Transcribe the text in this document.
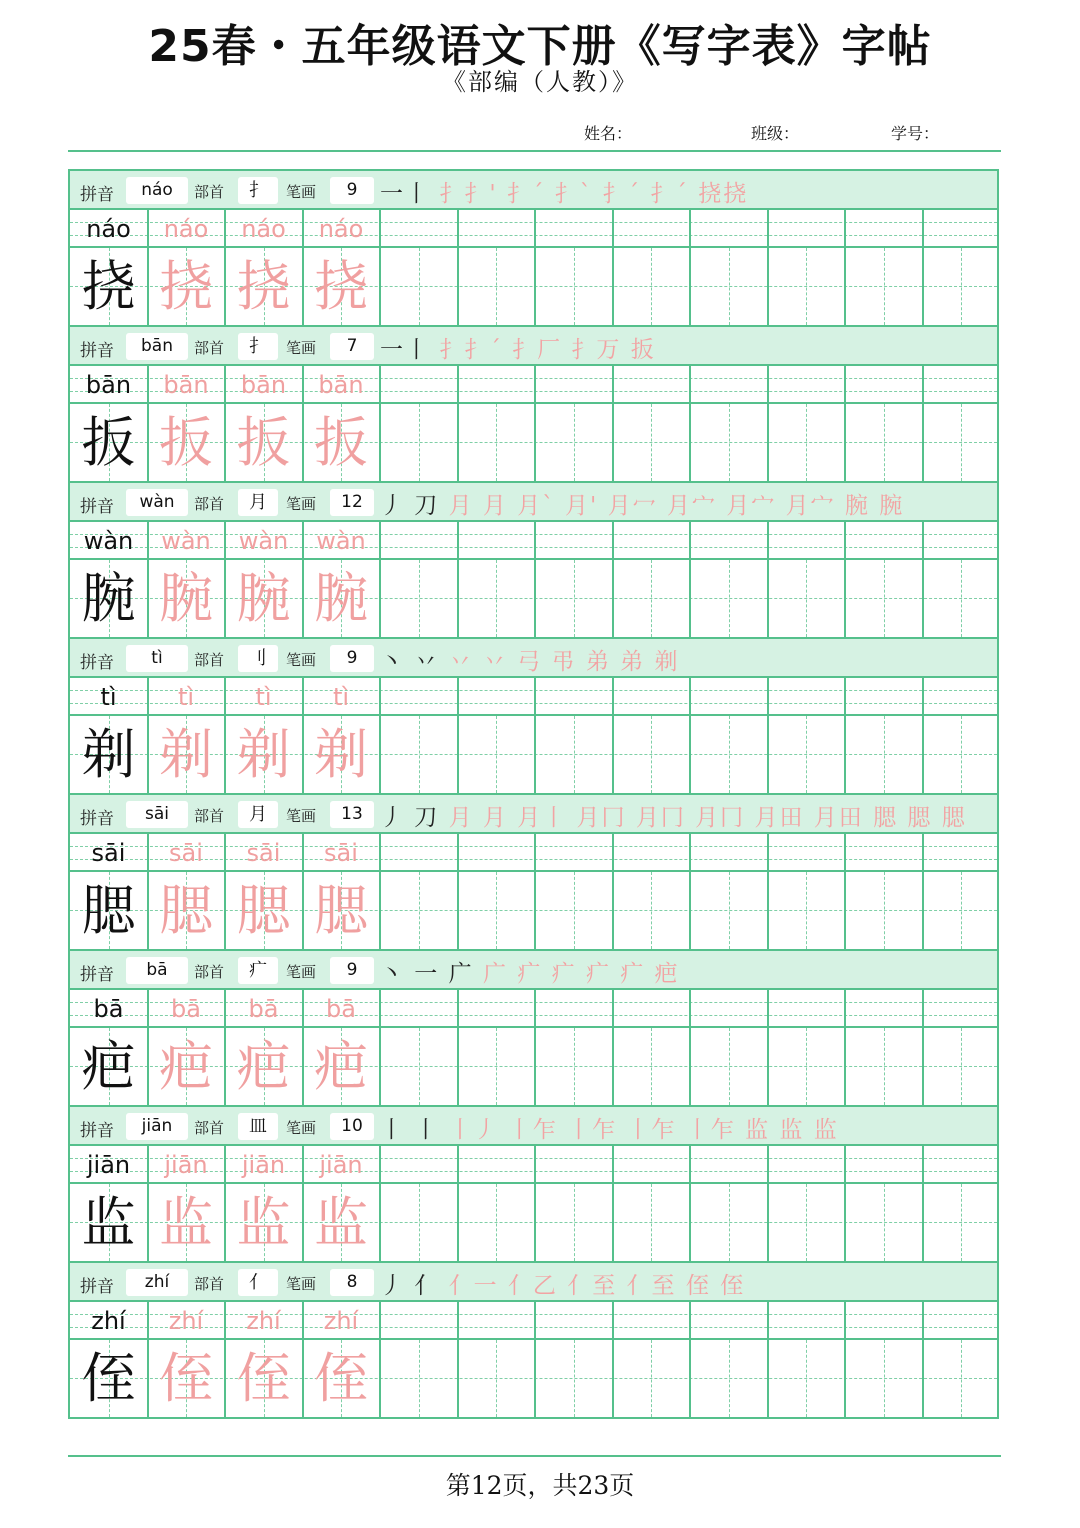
25春・五年级语文下册《写字表》字帖
《部编（人教）》
姓名：	班级：	学号：
拼音	náo	部首	扌	笔画	9 一丨 扌扌' 扌ˊ 扌ˋ 扌ˊ 扌ˊ 挠挠
náo	náo	náo	náo
挠 挠 挠 挠
拼音	bān	部首	扌	笔画	7 一丨 扌扌ˊ 扌厂 扌万 扳
bān	bān	bān	bān
扳 扳 扳 扳
拼音	wàn	部首	月	笔画	12 丿 刀 月 月 月` 月' 月冖 月宀 月宀 月宀 腕 腕
wàn	wàn	wàn	wàn
腕 腕 腕 腕
拼音	tì	部首	刂	笔画	9 丶 丷 丷 丷 弓 弔 弟 弟 剃
tì	tì	tì	tì
剃 剃 剃 剃
拼音	sāi	部首	月	笔画	13 丿 刀 月 月 月丨 月冂 月冂 月冂 月田 月田 腮 腮 腮
sāi	sāi	sāi	sāi
腮 腮 腮 腮
拼音	bā	部首	疒	笔画	9 丶 一 广 广 疒 疒 疒 疒 疤
bā	bā	bā	bā
疤 疤 疤 疤
拼音	jiān	部首	皿	笔画	10 丨 丨 丨丿 丨乍 丨乍 丨乍 丨乍 监 监 监
jiān	jiān	jiān	jiān
监 监 监 监
拼音	zhí	部首	亻	笔画	8 丿 亻 亻一 亻乙 亻至 亻至 侄 侄
zhí	zhí	zhí	zhí
侄 侄 侄 侄
第12页，共23页
